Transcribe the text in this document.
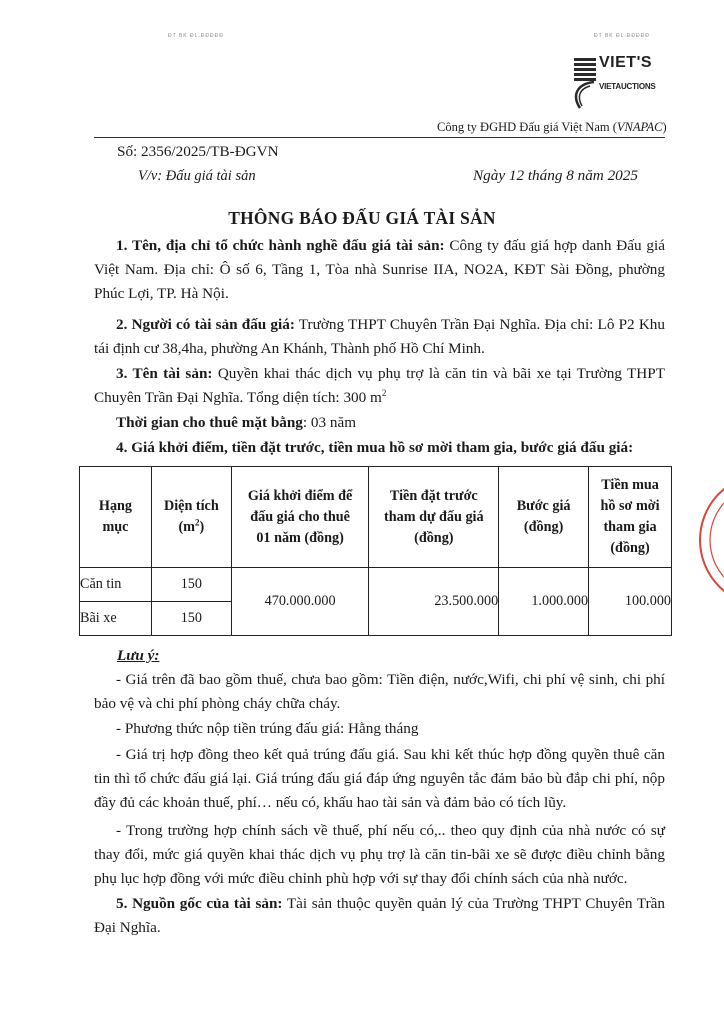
ĐT BK ĐL.ĐĐĐĐĐ	ĐT BK ĐL.ĐĐĐĐĐ
VIET'S
VIETAUCTIONS
Công ty ĐGHD Đấu giá Việt Nam (VNAPAC)
Số: 2356/2025/TB-ĐGVN
V/v: Đấu giá tài sản	Ngày 12 tháng 8 năm 2025
THÔNG BÁO ĐẤU GIÁ TÀI SẢN
1. Tên, địa chỉ tổ chức hành nghề đấu giá tài sản: Công ty đấu giá hợp danh Đấu giá Việt Nam. Địa chỉ: Ô số 6, Tầng 1, Tòa nhà Sunrise IIA, NO2A, KĐT Sài Đồng, phường Phúc Lợi, TP. Hà Nội.
2. Người có tài sản đấu giá: Trường THPT Chuyên Trần Đại Nghĩa. Địa chỉ: Lô P2 Khu tái định cư 38,4ha, phường An Khánh, Thành phố Hồ Chí Minh.
3. Tên tài sản: Quyền khai thác dịch vụ phụ trợ là căn tin và bãi xe tại Trường THPT Chuyên Trần Đại Nghĩa. Tổng diện tích: 300 $m^2$
Thời gian cho thuê mặt bằng: 03 năm
4. Giá khởi điểm, tiền đặt trước, tiền mua hồ sơ mời tham gia, bước giá đấu giá:
Hạng mục	Diện tích $(m^2)$	Giá khởi điểm để đấu giá cho thuê 01 năm (đồng)	Tiền đặt trước tham dự đấu giá (đồng)	Bước giá (đồng)	Tiền mua hồ sơ mời tham gia (đồng)

Căn tin	150	470.000.000	23.500.000	1.000.000	100.000
Bãi xe	150				
Lưu ý:
- Giá trên đã bao gồm thuế, chưa bao gồm: Tiền điện, nước,Wifi, chi phí vệ sinh, chi phí bảo vệ và chi phí phòng cháy chữa cháy.
- Phương thức nộp tiền trúng đấu giá: Hằng tháng
- Giá trị hợp đồng theo kết quả trúng đấu giá. Sau khi kết thúc hợp đồng quyền thuê căn tin thì tổ chức đấu giá lại. Giá trúng đấu giá đáp ứng nguyên tắc đảm bảo bù đắp chi phí, nộp đầy đủ các khoản thuế, phí… nếu có, khấu hao tài sản và đảm bảo có tích lũy.
- Trong trường hợp chính sách về thuế, phí nếu có,.. theo quy định của nhà nước có sự thay đổi, mức giá quyền khai thác dịch vụ phụ trợ là căn tin-bãi xe sẽ được điều chỉnh bằng phụ lục hợp đồng với mức điều chỉnh phù hợp với sự thay đổi chính sách của nhà nước.
5. Nguồn gốc của tài sản: Tài sản thuộc quyền quản lý của Trường THPT Chuyên Trần Đại Nghĩa.
